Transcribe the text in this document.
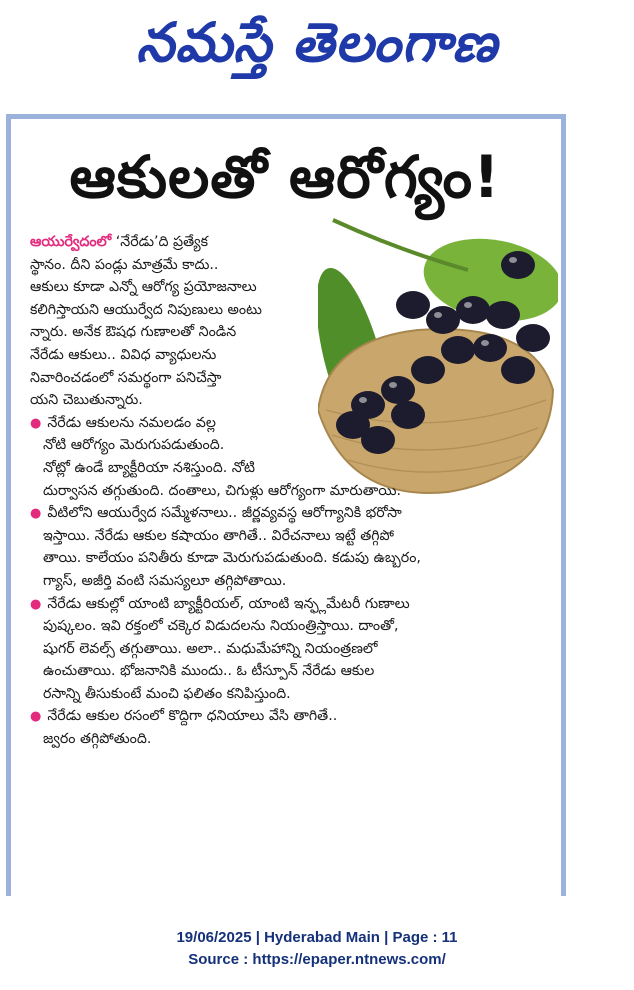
నమస్తే తెలంగాణ
ఆకులతో ఆరోగ్యం!
ఆయుర్వేదంలో ‘నేరేడు’ది ప్రత్యేక
స్థానం. దీని పండ్లు మాత్రమే కాదు..
ఆకులు కూడా ఎన్నో ఆరోగ్య ప్రయోజనాలు
కలిగిస్తాయని ఆయుర్వేద నిపుణులు అంటు
న్నారు. అనేక ఔషధ గుణాలతో నిండిన
నేరేడు ఆకులు.. వివిధ వ్యాధులను
నివారించడంలో సమర్థంగా పనిచేస్తా
యని చెబుతున్నారు.
● నేరేడు ఆకులను నమలడం వల్ల
నోటి ఆరోగ్యం మెరుగుపడుతుంది.
నోట్లో ఉండే బ్యాక్టీరియా నశిస్తుంది. నోటి
దుర్వాసన తగ్గుతుంది. దంతాలు, చిగుళ్లు ఆరోగ్యంగా మారుతాయి.
● వీటిలోని ఆయుర్వేద సమ్మేళనాలు.. జీర్ణవ్యవస్థ ఆరోగ్యానికి భరోసా
ఇస్తాయి. నేరేడు ఆకుల కషాయం తాగితే.. విరేచనాలు ఇట్టే తగ్గిపో
తాయి. కాలేయం పనితీరు కూడా మెరుగుపడుతుంది. కడుపు ఉబ్బరం,
గ్యాస్, అజీర్తి వంటి సమస్యలూ తగ్గిపోతాయి.
● నేరేడు ఆకుల్లో యాంటి బ్యాక్టీరియల్, యాంటి ఇన్ఫ్లమేటరీ గుణాలు
పుష్కలం. ఇవి రక్తంలో చక్కెర విడుదలను నియంత్రిస్తాయి. దాంతో,
షుగర్ లెవల్స్ తగ్గుతాయి. అలా.. మధుమేహాన్ని నియంత్రణలో
ఉంచుతాయి. భోజనానికి ముందు.. ఓ టీస్పూన్ నేరేడు ఆకుల
రసాన్ని తీసుకుంటే మంచి ఫలితం కనిపిస్తుంది.
● నేరేడు ఆకుల రసంలో కొద్దిగా ధనియాలు వేసి తాగితే..
జ్వరం తగ్గిపోతుంది.
19/06/2025 | Hyderabad Main | Page : 11
Source : https://epaper.ntnews.com/
